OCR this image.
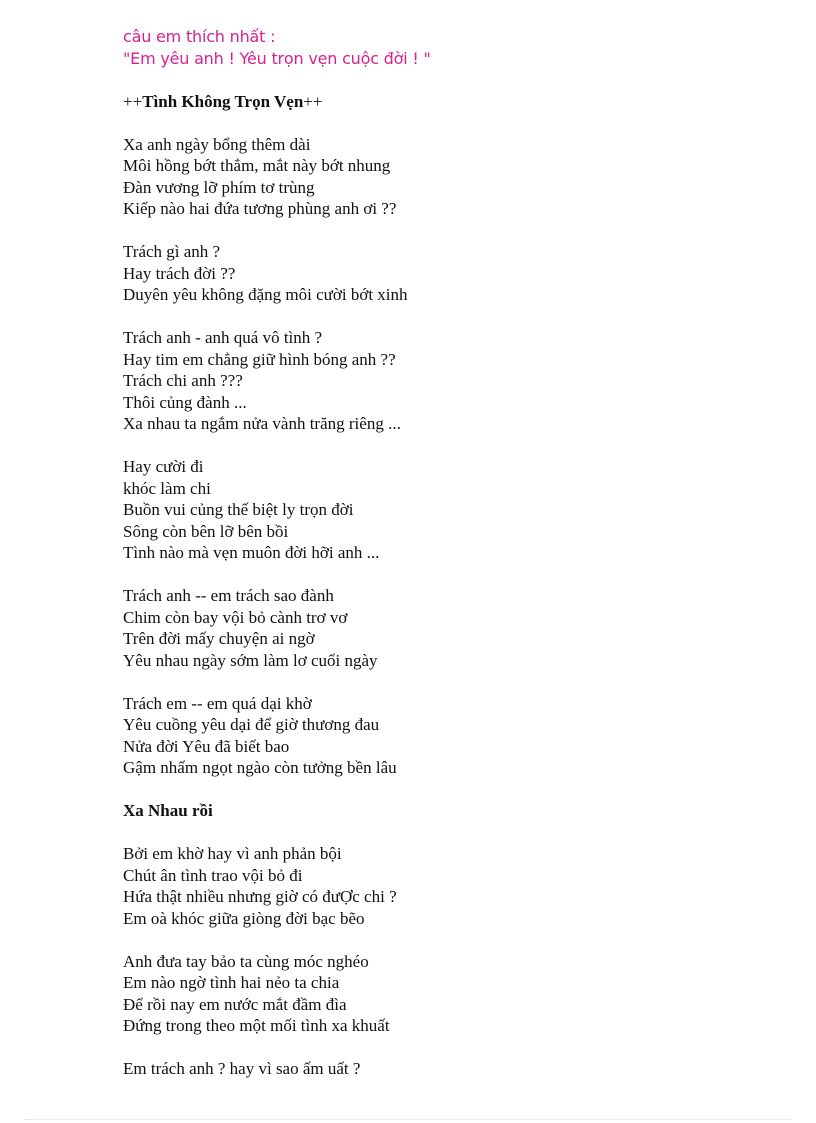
câu em thích nhất :
"Em yêu anh ! Yêu trọn vẹn cuộc đời ! "
++Tình Không Trọn Vẹn++
Xa anh ngày bổng thêm dài
Môi hồng bớt thắm, mắt này bớt nhung
Đàn vương lỡ phím tơ trùng
Kiếp nào hai đứa tương phùng anh ơi ??
Trách gì anh ?
Hay trách đời ??
Duyên yêu không đặng môi cười bớt xinh
Trách anh - anh quá vô tình ?
Hay tim em chẳng giữ hình bóng anh ??
Trách chi anh ???
Thôi củng đành ...
Xa nhau ta ngắm nửa vành trăng riêng ...
Hay cười đi
khóc làm chi
Buồn vui củng thế biệt ly trọn đời
Sông còn bên lỡ bên bồi
Tình nào mà vẹn muôn đời hỡi anh ...
Trách anh -- em trách sao đành
Chim còn bay vội bỏ cành trơ vơ
Trên đời mấy chuyện ai ngờ
Yêu nhau ngày sớm làm lơ cuối ngày
Trách em -- em quá dại khờ
Yêu cuồng yêu dại để giờ thương đau
Nửa đời Yêu đã biết bao
Gậm nhấm ngọt ngào còn tưởng bền lâu
Xa Nhau rồi
Bởi em khờ hay vì anh phản bội
Chút ân tình trao vội bỏ đi
Hứa thật nhiều nhưng giờ có đưỢc chi ?
Em oà khóc giữa giòng đời bạc bẽo
Anh đưa tay bảo ta cùng móc nghéo
Em nào ngờ tình hai nẻo ta chia
Để rồi nay em nước mắt đầm đìa
Đứng trong theo một mối tình xa khuất
Em trách anh ? hay vì sao ấm uất ?
